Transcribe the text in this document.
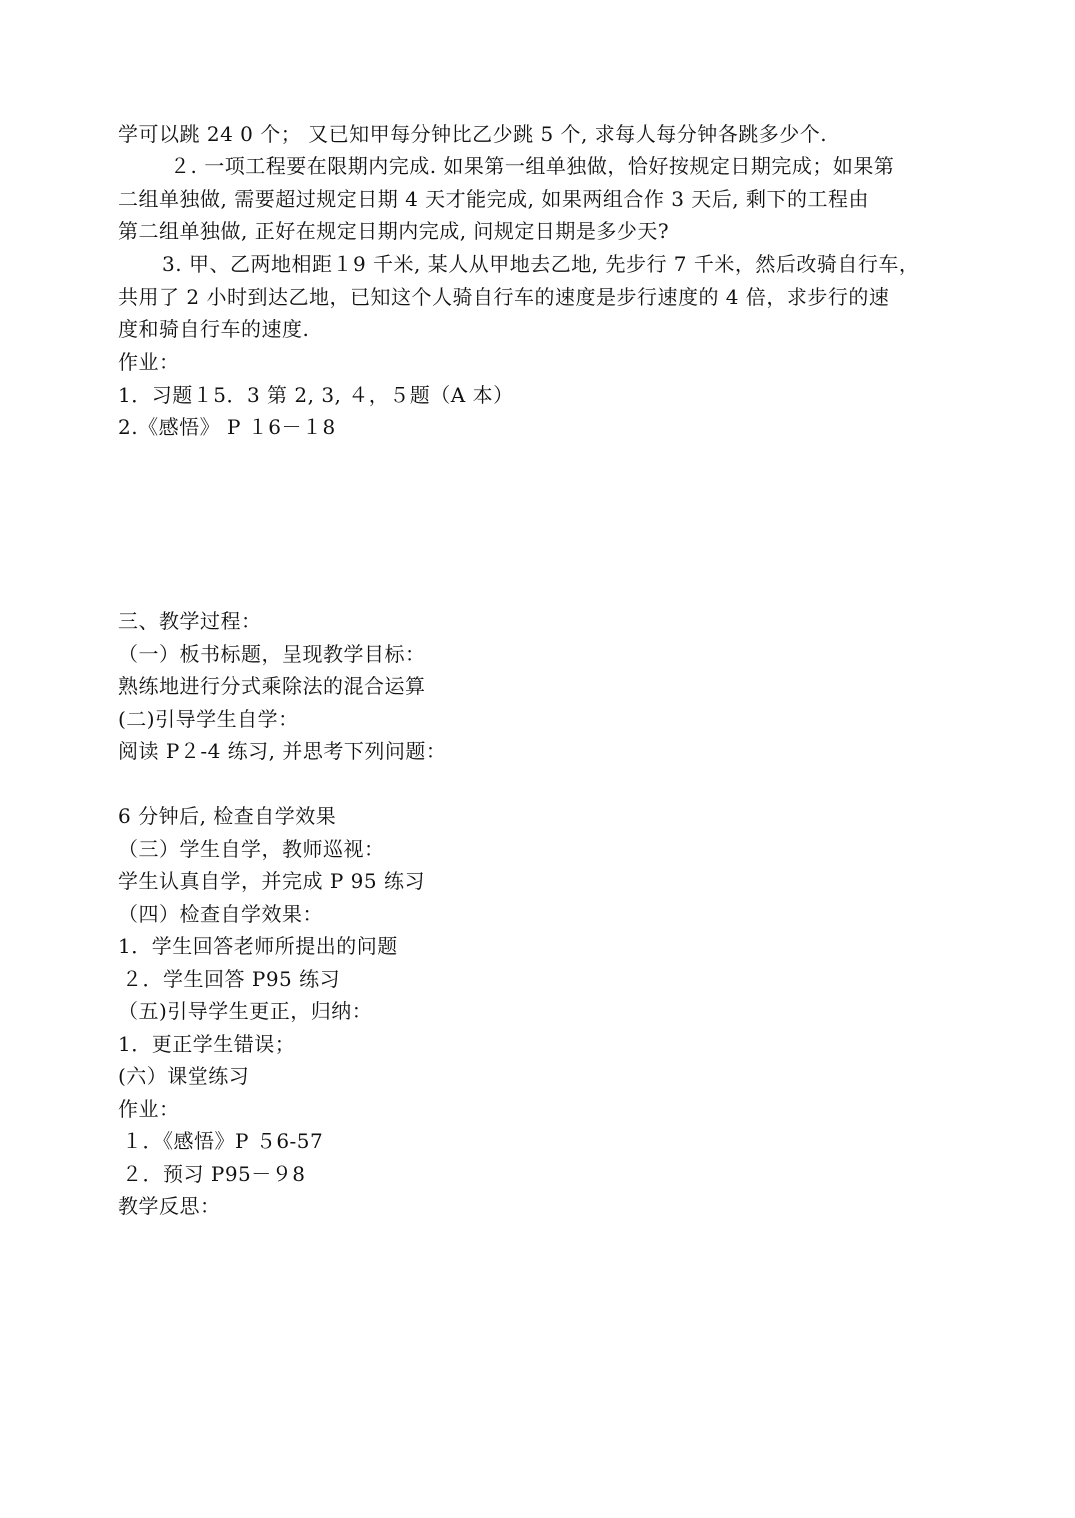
学可以跳 24 0 个； 又已知甲每分钟比乙少跳 5 个, 求每人每分钟各跳多少个.
２. 一项工程要在限期内完成. 如果第一组单独做，恰好按规定日期完成；如果第
二组单独做, 需要超过规定日期 4 天才能完成, 如果两组合作 3 天后, 剩下的工程由
第二组单独做, 正好在规定日期内完成, 问规定日期是多少天?
3. 甲、乙两地相距１9 千米, 某人从甲地去乙地, 先步行 7 千米，然后改骑自行车，
共用了 2 小时到达乙地，已知这个人骑自行车的速度是步行速度的 4 倍，求步行的速
度和骑自行车的速度.
作业：
1．习题１5．3 第 2, 3, ４，５题（A 本）
2.《感悟》 P １6－１8
三、教学过程：
（一）板书标题，呈现教学目标：
熟练地进行分式乘除法的混合运算
(二)引导学生自学：
阅读 P２-4 练习, 并思考下列问题：
6 分钟后, 检查自学效果
（三）学生自学，教师巡视：
学生认真自学，并完成 P 95 练习
（四）检查自学效果：
1．学生回答老师所提出的问题
２．学生回答 P95 练习
（五)引导学生更正，归纳：
1．更正学生错误；
(六）课堂练习
作业：
１．《感悟》P ５6-57
２．预习 P95－９8
教学反思：
